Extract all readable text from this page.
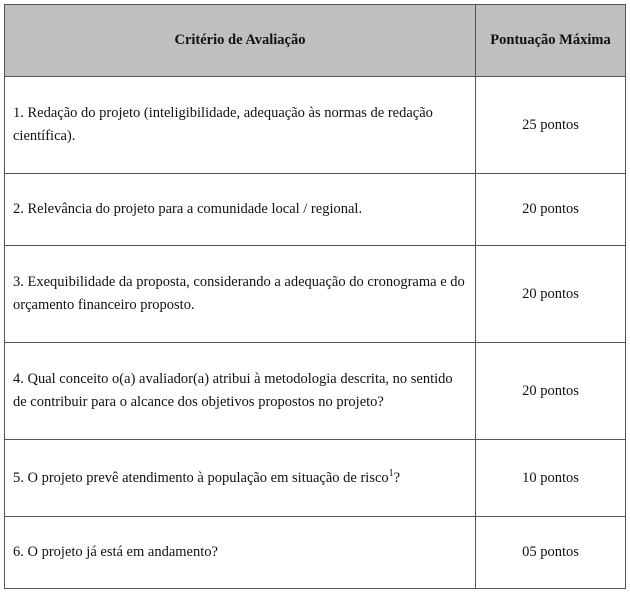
Critério de Avaliação	Pontuação Máxima
1. Redação do projeto (inteligibilidade, adequação às normas de redação científica).	25 pontos
2. Relevância do projeto para a comunidade local / regional.	20 pontos
3. Exequibilidade da proposta, considerando a adequação do cronograma e do orçamento financeiro proposto.	20 pontos
4. Qual conceito o(a) avaliador(a) atribui à metodologia descrita, no sentido de contribuir para o alcance dos objetivos propostos no projeto?	20 pontos
5. O projeto prevê atendimento à população em situação de risco$^1$?	10 pontos
6. O projeto já está em andamento?	05 pontos
